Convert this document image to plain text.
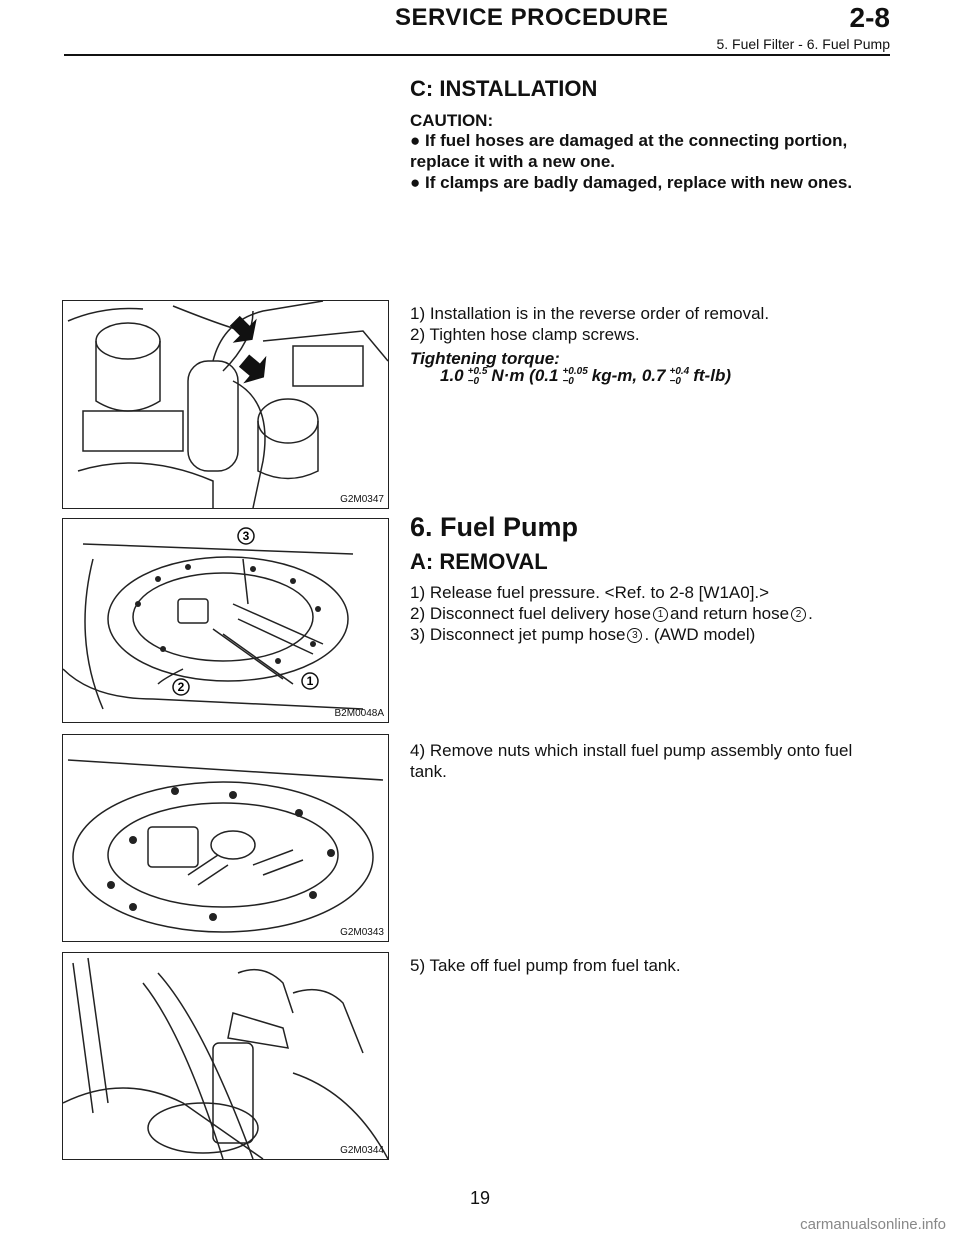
SERVICE PROCEDURE	2-8
5. Fuel Filter - 6. Fuel Pump
C: INSTALLATION
CAUTION:
● If fuel hoses are damaged at the connecting portion, replace it with a new one.
● If clamps are badly damaged, replace with new ones.
G2M0347
1) Installation is in the reverse order of removal.
2) Tighten hose clamp screws.
Tightening torque:
1.0 +0.5
−0 N·m (0.1 +0.05
−0	kg-m, 0.7 +0.4
−0 ft-lb)
6. Fuel Pump
A: REMOVAL
1) Release fuel pressure. <Ref. to 2-8 [W1A0].>
2) Disconnect fuel delivery hose 1 and return hose 2 .
3) Disconnect jet pump hose 3 . (AWD model)
3
2	1
B2M0048A
4) Remove nuts which install fuel pump assembly onto fuel tank.
G2M0343
5) Take off fuel pump from fuel tank.
G2M0344
19
carmanualsonline.info
